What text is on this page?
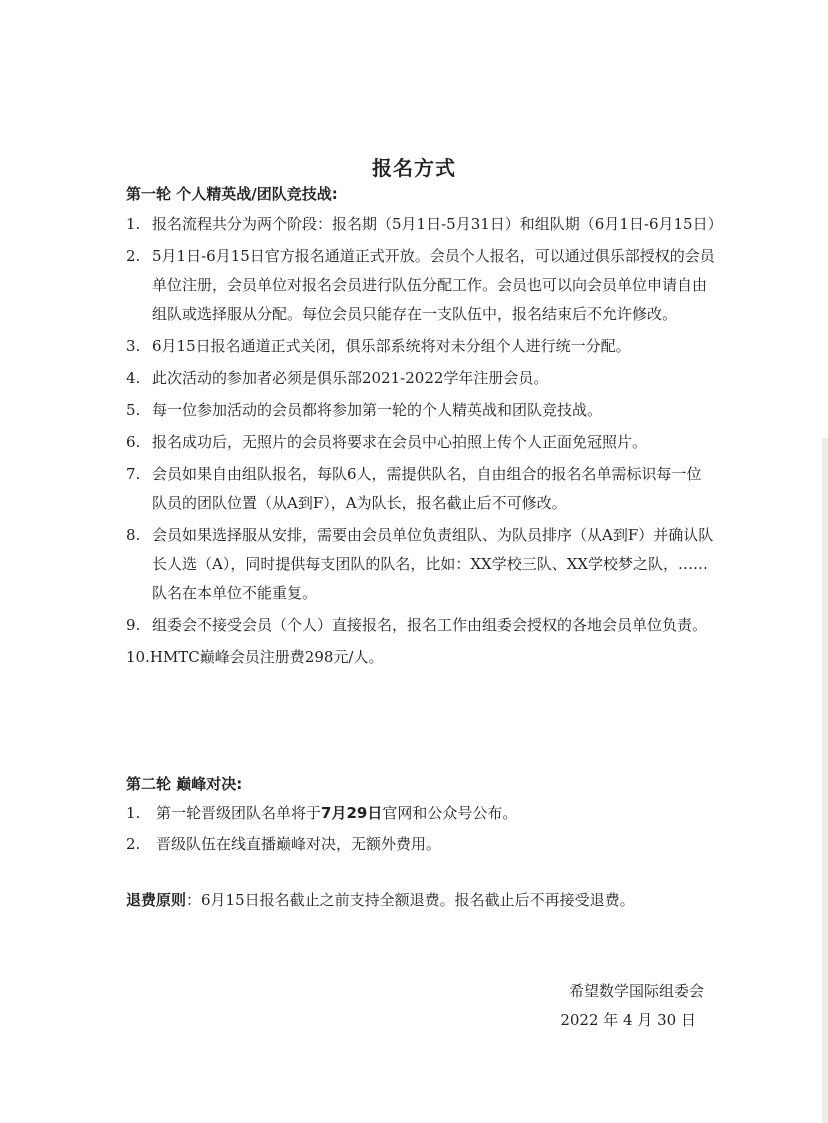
报名方式
第一轮 个人精英战/团队竞技战:
1. 报名流程共分为两个阶段：报名期（5月1日-5月31日）和组队期（6月1日-6月15日）
2. 5月1日-6月15日官方报名通道正式开放。会员个人报名，可以通过俱乐部授权的会员单位注册，会员单位对报名会员进行队伍分配工作。会员也可以向会员单位申请自由组队或选择服从分配。每位会员只能存在一支队伍中，报名结束后不允许修改。
3. 6月15日报名通道正式关闭，俱乐部系统将对未分组个人进行统一分配。
4. 此次活动的参加者必须是俱乐部2021-2022学年注册会员。
5. 每一位参加活动的会员都将参加第一轮的个人精英战和团队竞技战。
6. 报名成功后，无照片的会员将要求在会员中心拍照上传个人正面免冠照片。
7. 会员如果自由组队报名，每队6人，需提供队名，自由组合的报名名单需标识每一位队员的团队位置（从A到F），A为队长，报名截止后不可修改。
8. 会员如果选择服从安排，需要由会员单位负责组队、为队员排序（从A到F）并确认队长人选（A），同时提供每支团队的队名，比如：XX学校三队、XX学校梦之队，……队名在本单位不能重复。
9. 组委会不接受会员（个人）直接报名，报名工作由组委会授权的各地会员单位负责。
10.HMTC巅峰会员注册费298元/人。
第二轮 巅峰对决:
1. 第一轮晋级团队名单将于7月29日官网和公众号公布。
2. 晋级队伍在线直播巅峰对决，无额外费用。
退费原则：6月15日报名截止之前支持全额退费。报名截止后不再接受退费。
希望数学国际组委会
2022 年 4 月 30 日
